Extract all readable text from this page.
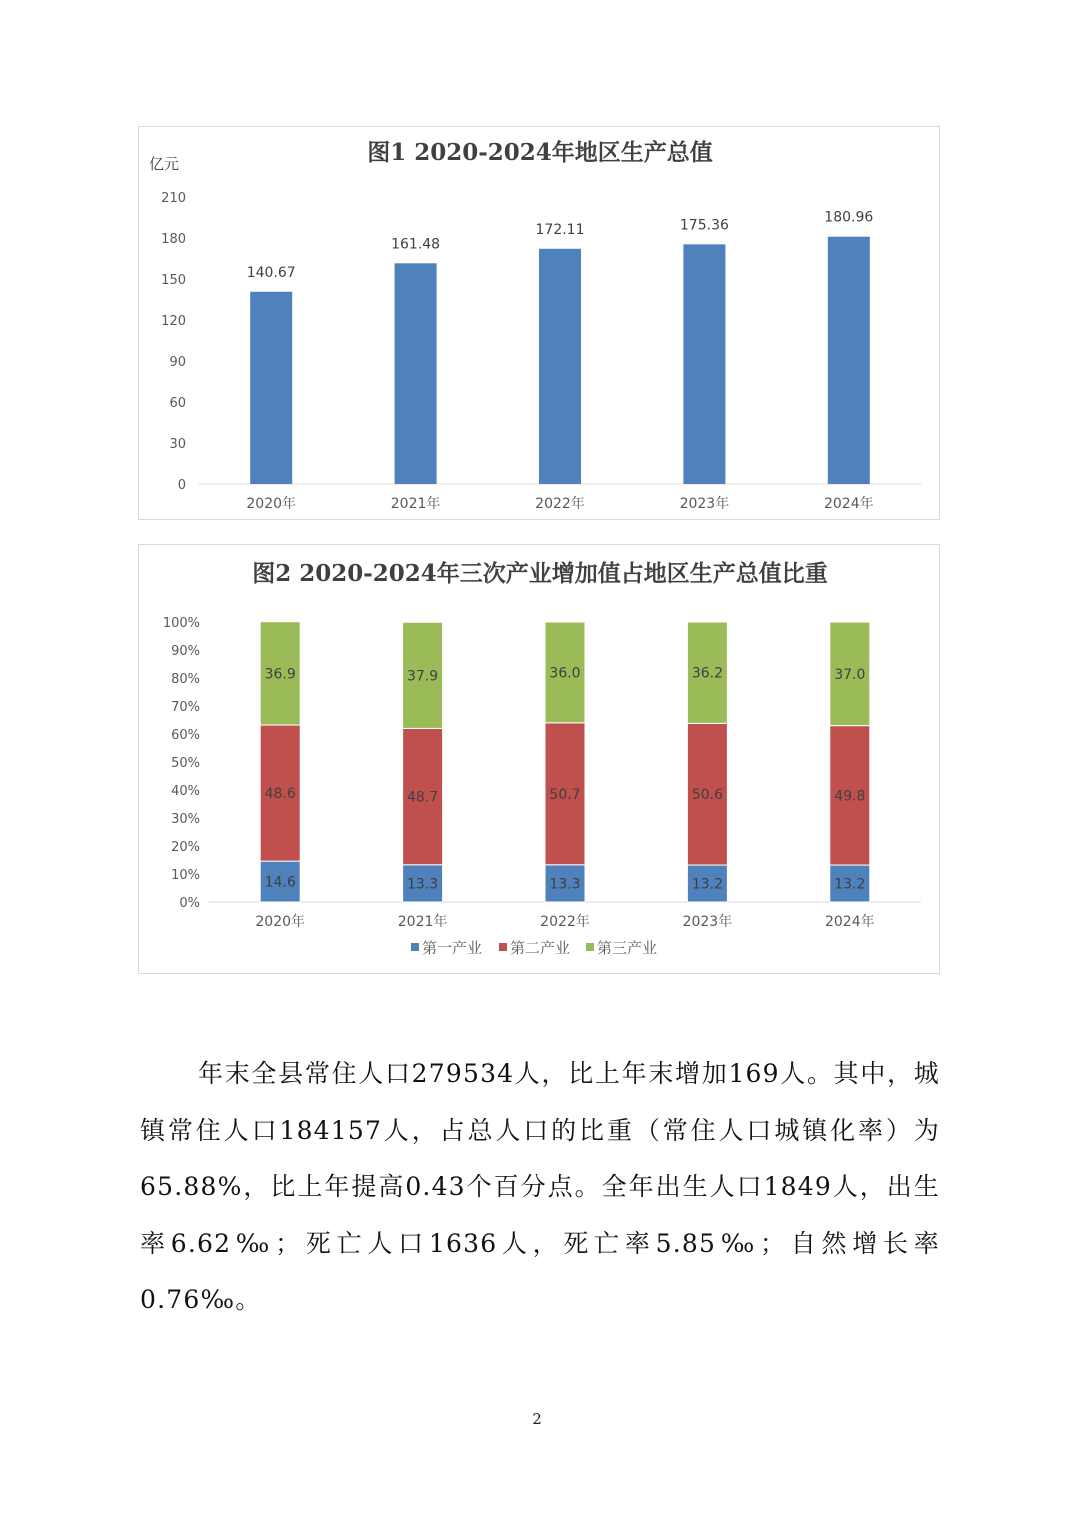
图1 2020-2024年地区生产总值
亿元
0
30
60
90
120
150
180
210
140.67
2020年
161.48
2021年
172.11
2022年
175.36
2023年
180.96
2024年
图2 2020-2024年三次产业增加值占地区生产总值比重
0%
10%
20%
30%
40%
50%
60%
70%
80%
90%
100%
14.6
48.6
36.9
2020年
13.3
48.7
37.9
2021年
13.3
50.7
36.0
2022年
13.2
50.6
36.2
2023年
13.2
49.8
37.0
2024年
第一产业 第二产业 第三产业

年末全县常住人口279534人，比上年末增加169人。其中，城镇常住人口184157人，占总人口的比重（常住人口城镇化率）为65.88%，比上年提高0.43个百分点。全年出生人口1849人，出生率6.62‰；死亡人口1636人，死亡率5.85‰；自然增长率0.76‰。

2
